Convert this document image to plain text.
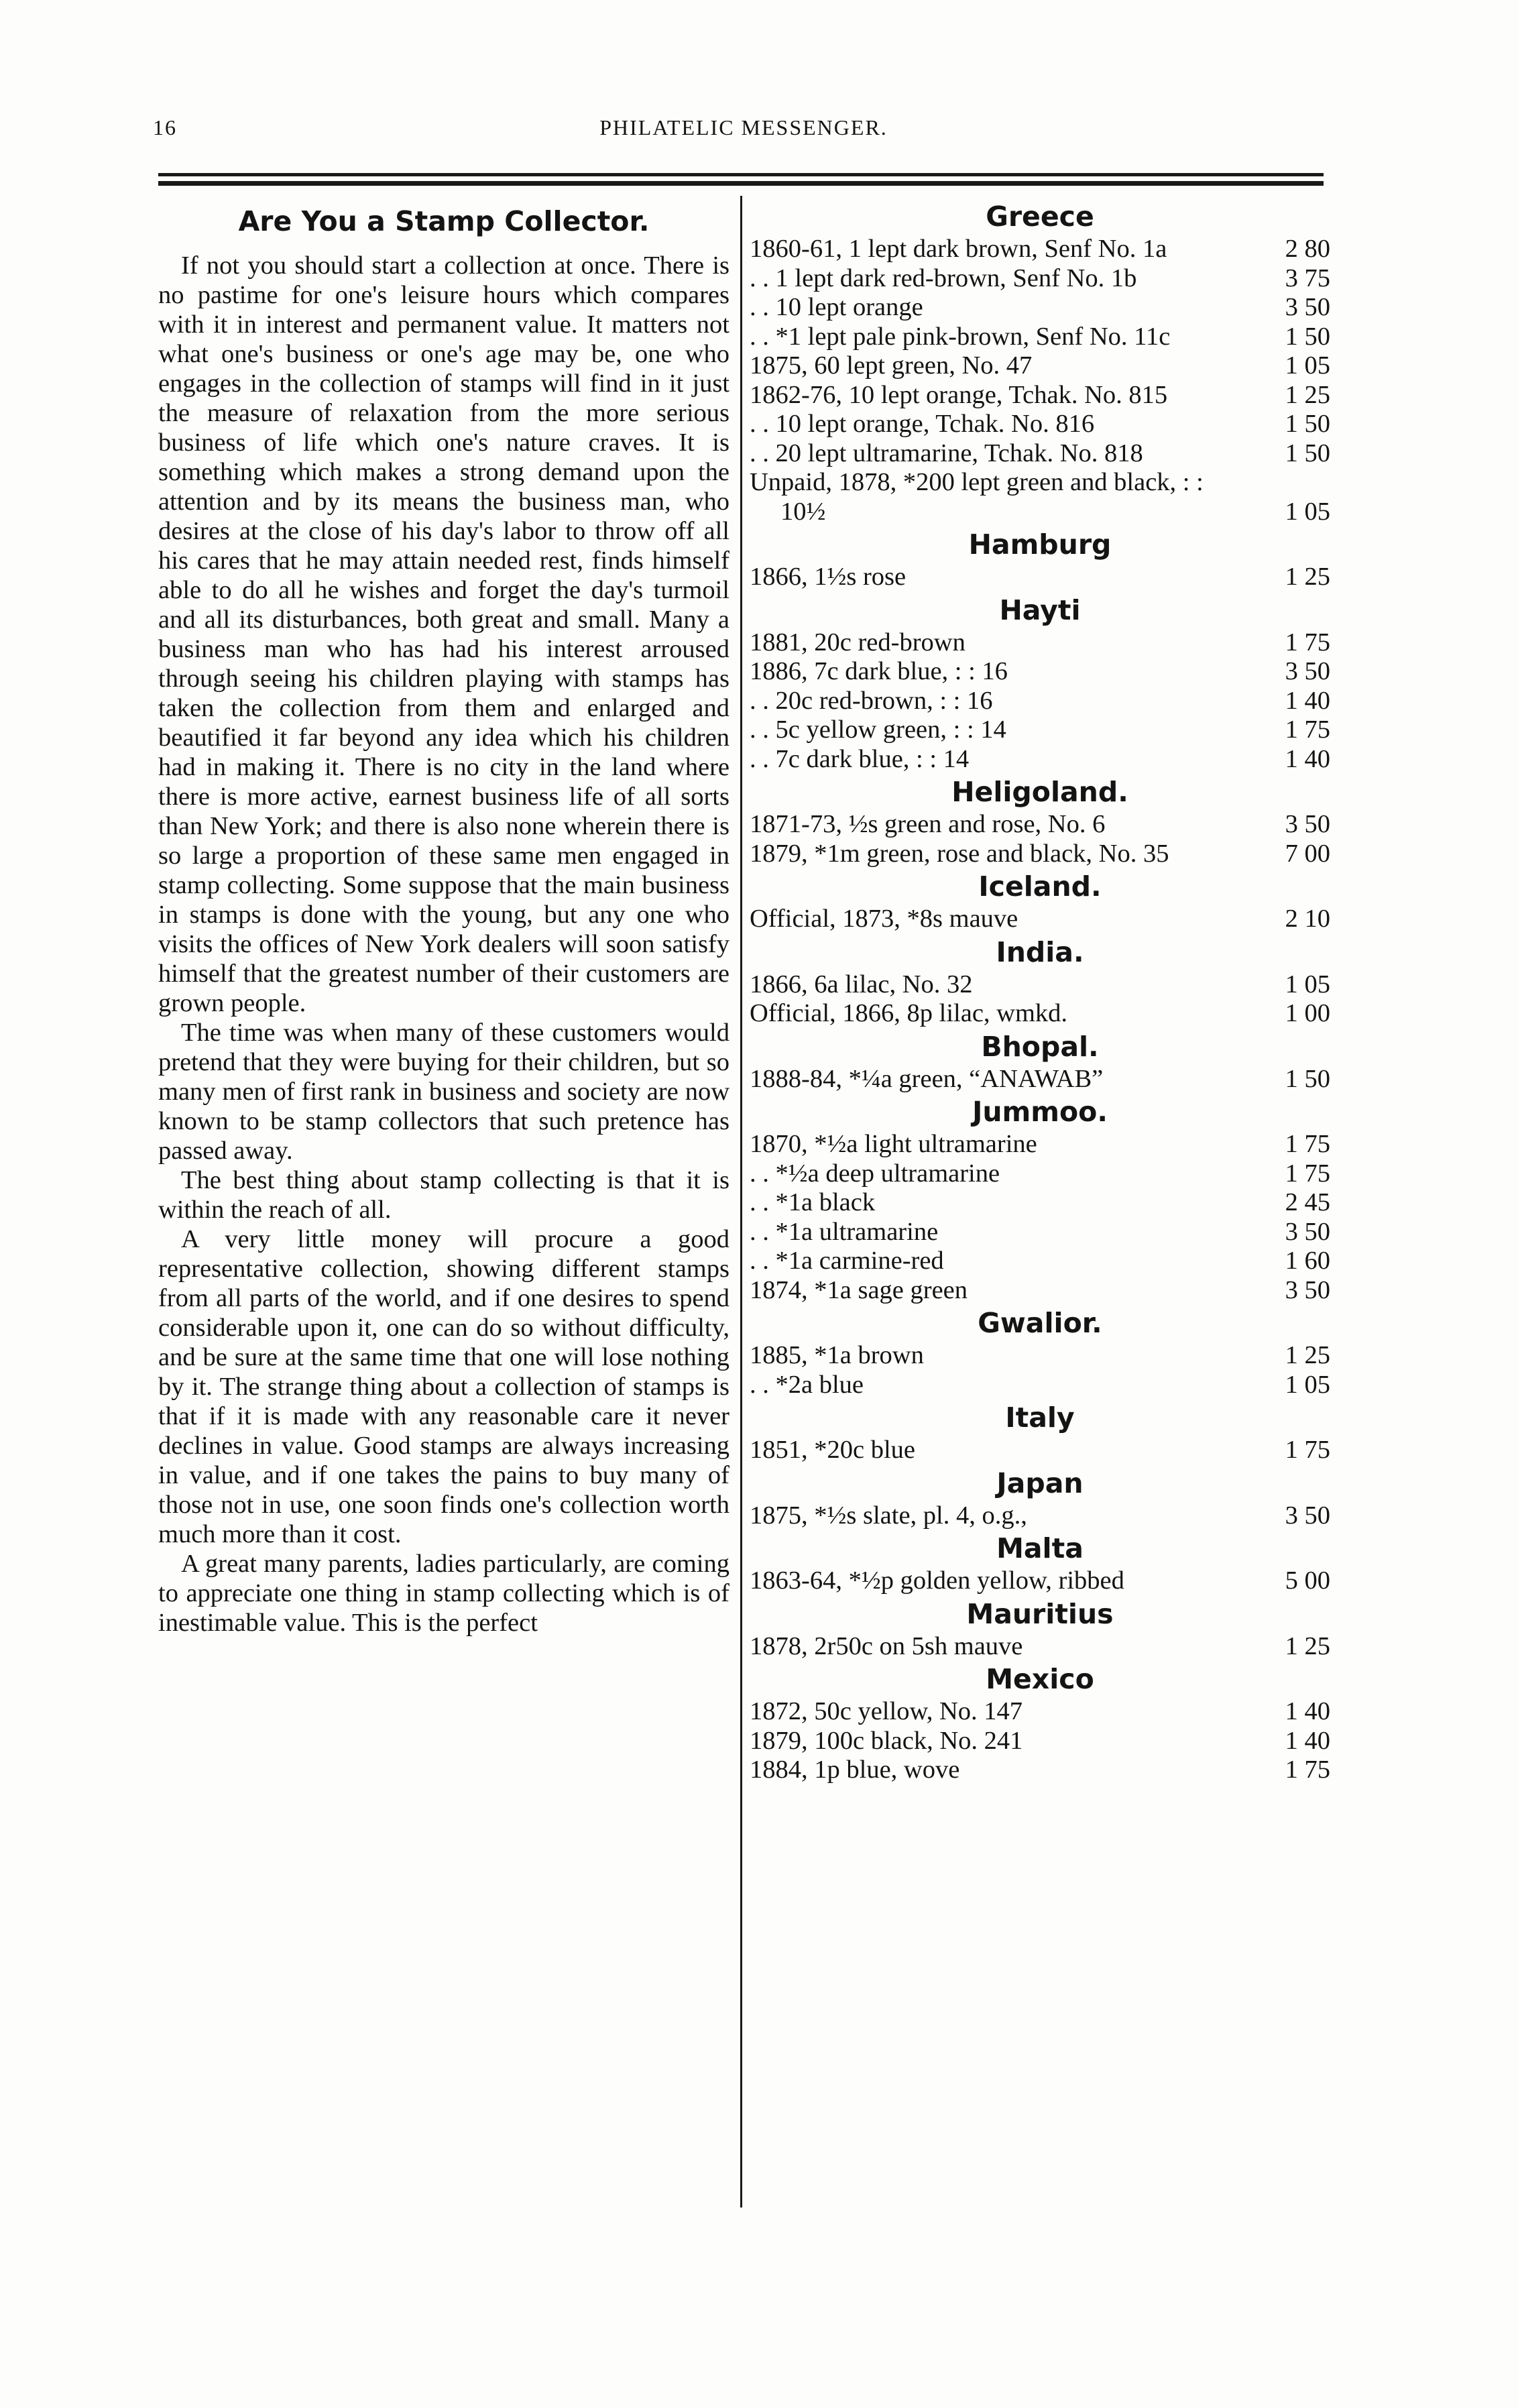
16	PHILATELIC MESSENGER.
Are You a Stamp Collector.

If not you should start a collection at once. There is no pastime for one's leisure hours which compares with it in interest and permanent value. It matters not what one's business or one's age may be, one who engages in the collection of stamps will find in it just the measure of relaxation from the more serious business of life which one's nature craves. It is something which makes a strong demand upon the attention and by its means the business man, who desires at the close of his day's labor to throw off all his cares that he may attain needed rest, finds himself able to do all he wishes and forget the day's turmoil and all its disturbances, both great and small. Many a business man who has had his interest arroused through seeing his children playing with stamps has taken the collection from them and enlarged and beautified it far beyond any idea which his children had in making it. There is no city in the land where there is more active, earnest business life of all sorts than New York; and there is also none wherein there is so large a proportion of these same men engaged in stamp collecting. Some suppose that the main business in stamps is done with the young, but any one who visits the offices of New York dealers will soon satisfy himself that the greatest number of their customers are grown people.

The time was when many of these customers would pretend that they were buying for their children, but so many men of first rank in business and society are now known to be stamp collectors that such pretence has passed away.

The best thing about stamp collecting is that it is within the reach of all.

A very little money will procure a good representative collection, showing different stamps from all parts of the world, and if one desires to spend considerable upon it, one can do so without difficulty, and be sure at the same time that one will lose nothing by it. The strange thing about a collection of stamps is that if it is made with any reasonable care it never declines in value. Good stamps are always increasing in value, and if one takes the pains to buy many of those not in use, one soon finds one's collection worth much more than it cost.

A great many parents, ladies particularly, are coming to appreciate one thing in stamp collecting which is of inestimable value. This is the perfect

Greece
1860-61, 1 lept dark brown, Senf No. 1a	2 80
. . 1 lept dark red-brown, Senf No. 1b	3 75
. . 10 lept orange	3 50
. . *1 lept pale pink-brown, Senf No. 11c	1 50
1875, 60 lept green, No. 47	1 05
1862-76, 10 lept orange, Tchak. No. 815	1 25
. . 10 lept orange, Tchak. No. 816	1 50
. . 20 lept ultramarine, Tchak. No. 818	1 50
Unpaid, 1878, *200 lept green and black, : : 10½	1 05
Hamburg
1866, 1½s rose	1 25
Hayti
1881, 20c red-brown	1 75
1886, 7c dark blue, : : 16	3 50
. . 20c red-brown, : : 16	1 40
. . 5c yellow green, : : 14	1 75
. . 7c dark blue, : : 14	1 40
Heligoland.
1871-73, ½s green and rose, No. 6	3 50
1879, *1m green, rose and black, No. 35	7 00
Iceland.
Official, 1873, *8s mauve	2 10
India.
1866, 6a lilac, No. 32	1 05
Official, 1866, 8p lilac, wmkd.	1 00
Bhopal.
1888-84, *¼a green, “ANAWAB”	1 50
Jummoo.
1870, *½a light ultramarine	1 75
. . *½a deep ultramarine	1 75
. . *1a black	2 45
. . *1a ultramarine	3 50
. . *1a carmine-red	1 60
1874, *1a sage green	3 50
Gwalior.
1885, *1a brown	1 25
. . *2a blue	1 05
Italy
1851, *20c blue	1 75
Japan
1875, *½s slate, pl. 4, o.g.,	3 50
Malta
1863-64, *½p golden yellow, ribbed	5 00
Mauritius
1878, 2r50c on 5sh mauve	1 25
Mexico
1872, 50c yellow, No. 147	1 40
1879, 100c black, No. 241	1 40
1884, 1p blue, wove	1 75
